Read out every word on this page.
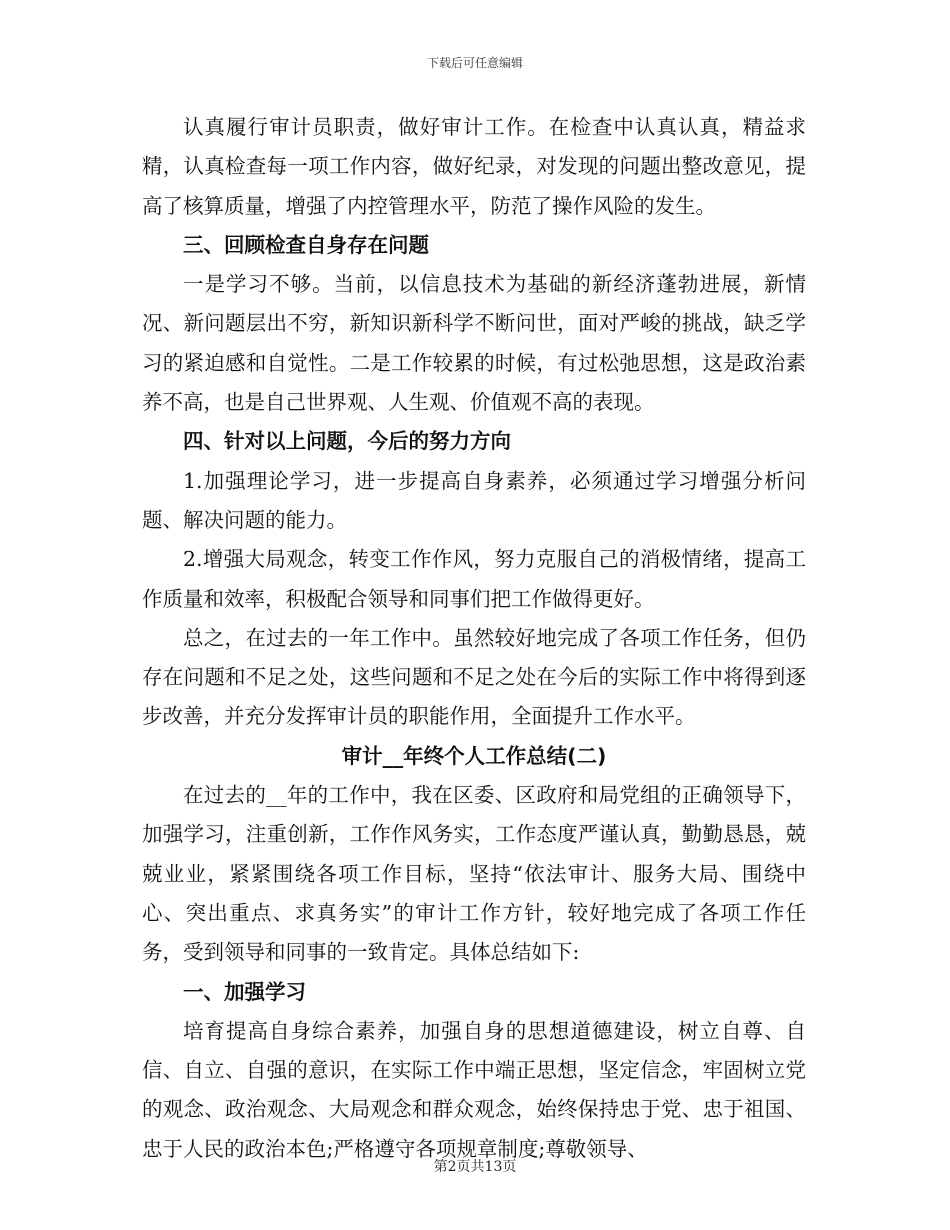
下载后可任意编辑

认真履行审计员职责，做好审计工作。在检查中认真认真，精益求精，认真检查每一项工作内容，做好纪录，对发现的问题出整改意见，提高了核算质量，增强了内控管理水平，防范了操作风险的发生。

三、回顾检查自身存在问题

一是学习不够。当前，以信息技术为基础的新经济蓬勃进展，新情况、新问题层出不穷，新知识新科学不断问世，面对严峻的挑战，缺乏学习的紧迫感和自觉性。二是工作较累的时候，有过松弛思想，这是政治素养不高，也是自己世界观、人生观、价值观不高的表现。

四、针对以上问题，今后的努力方向

1.加强理论学习，进一步提高自身素养，必须通过学习增强分析问题、解决问题的能力。

2.增强大局观念，转变工作作风，努力克服自己的消极情绪，提高工作质量和效率，积极配合领导和同事们把工作做得更好。

总之，在过去的一年工作中。虽然较好地完成了各项工作任务，但仍存在问题和不足之处，这些问题和不足之处在今后的实际工作中将得到逐步改善，并充分发挥审计员的职能作用，全面提升工作水平。

审计__年终个人工作总结(二)

在过去的__年的工作中，我在区委、区政府和局党组的正确领导下，加强学习，注重创新，工作作风务实，工作态度严谨认真，勤勤恳恳，兢兢业业，紧紧围绕各项工作目标，坚持“依法审计、服务大局、围绕中心、突出重点、求真务实”的审计工作方针，较好地完成了各项工作任务，受到领导和同事的一致肯定。具体总结如下:

一、加强学习

培育提高自身综合素养，加强自身的思想道德建设，树立自尊、自信、自立、自强的意识，在实际工作中端正思想，坚定信念，牢固树立党的观念、政治观念、大局观念和群众观念，始终保持忠于党、忠于祖国、忠于人民的政治本色;严格遵守各项规章制度;尊敬领导、

第2页共13页
